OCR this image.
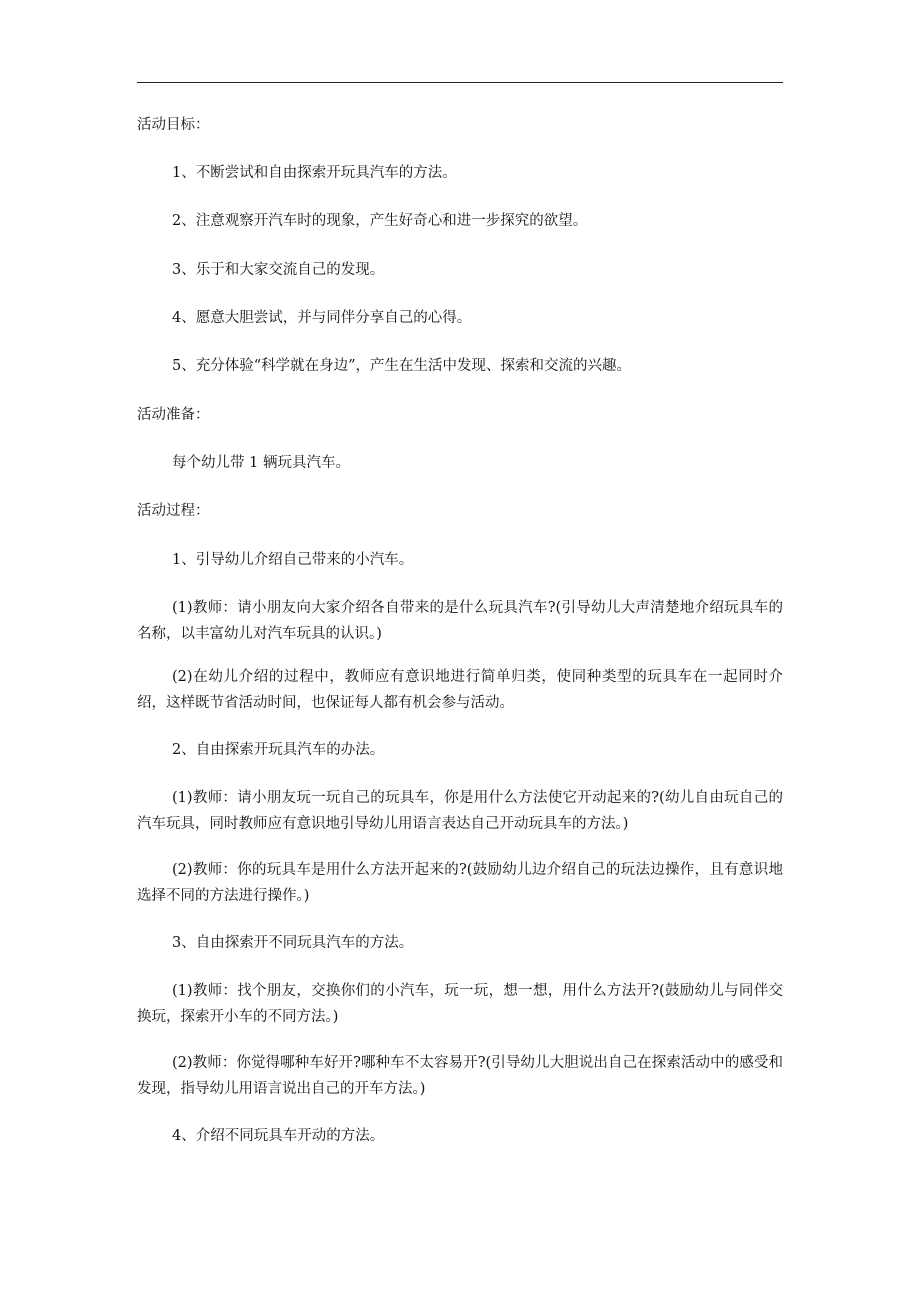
活动目标：

1、不断尝试和自由探索开玩具汽车的方法。

2、注意观察开汽车时的现象，产生好奇心和进一步探究的欲望。

3、乐于和大家交流自己的发现。

4、愿意大胆尝试，并与同伴分享自己的心得。

5、充分体验“科学就在身边”，产生在生活中发现、探索和交流的兴趣。

活动准备：

每个幼儿带 1 辆玩具汽车。

活动过程：

1、引导幼儿介绍自己带来的小汽车。

(1)教师：请小朋友向大家介绍各自带来的是什么玩具汽车?(引导幼儿大声清楚地介绍玩具车的名称，以丰富幼儿对汽车玩具的认识。)

(2)在幼儿介绍的过程中，教师应有意识地进行简单归类，使同种类型的玩具车在一起同时介绍，这样既节省活动时间，也保证每人都有机会参与活动。

2、自由探索开玩具汽车的办法。

(1)教师：请小朋友玩一玩自己的玩具车，你是用什么方法使它开动起来的?(幼儿自由玩自己的汽车玩具，同时教师应有意识地引导幼儿用语言表达自己开动玩具车的方法。)

(2)教师：你的玩具车是用什么方法开起来的?(鼓励幼儿边介绍自己的玩法边操作，且有意识地选择不同的方法进行操作。)

3、自由探索开不同玩具汽车的方法。

(1)教师：找个朋友，交换你们的小汽车，玩一玩，想一想，用什么方法开?(鼓励幼儿与同伴交换玩，探索开小车的不同方法。)

(2)教师：你觉得哪种车好开?哪种车不太容易开?(引导幼儿大胆说出自己在探索活动中的感受和发现，指导幼儿用语言说出自己的开车方法。)

4、介绍不同玩具车开动的方法。
